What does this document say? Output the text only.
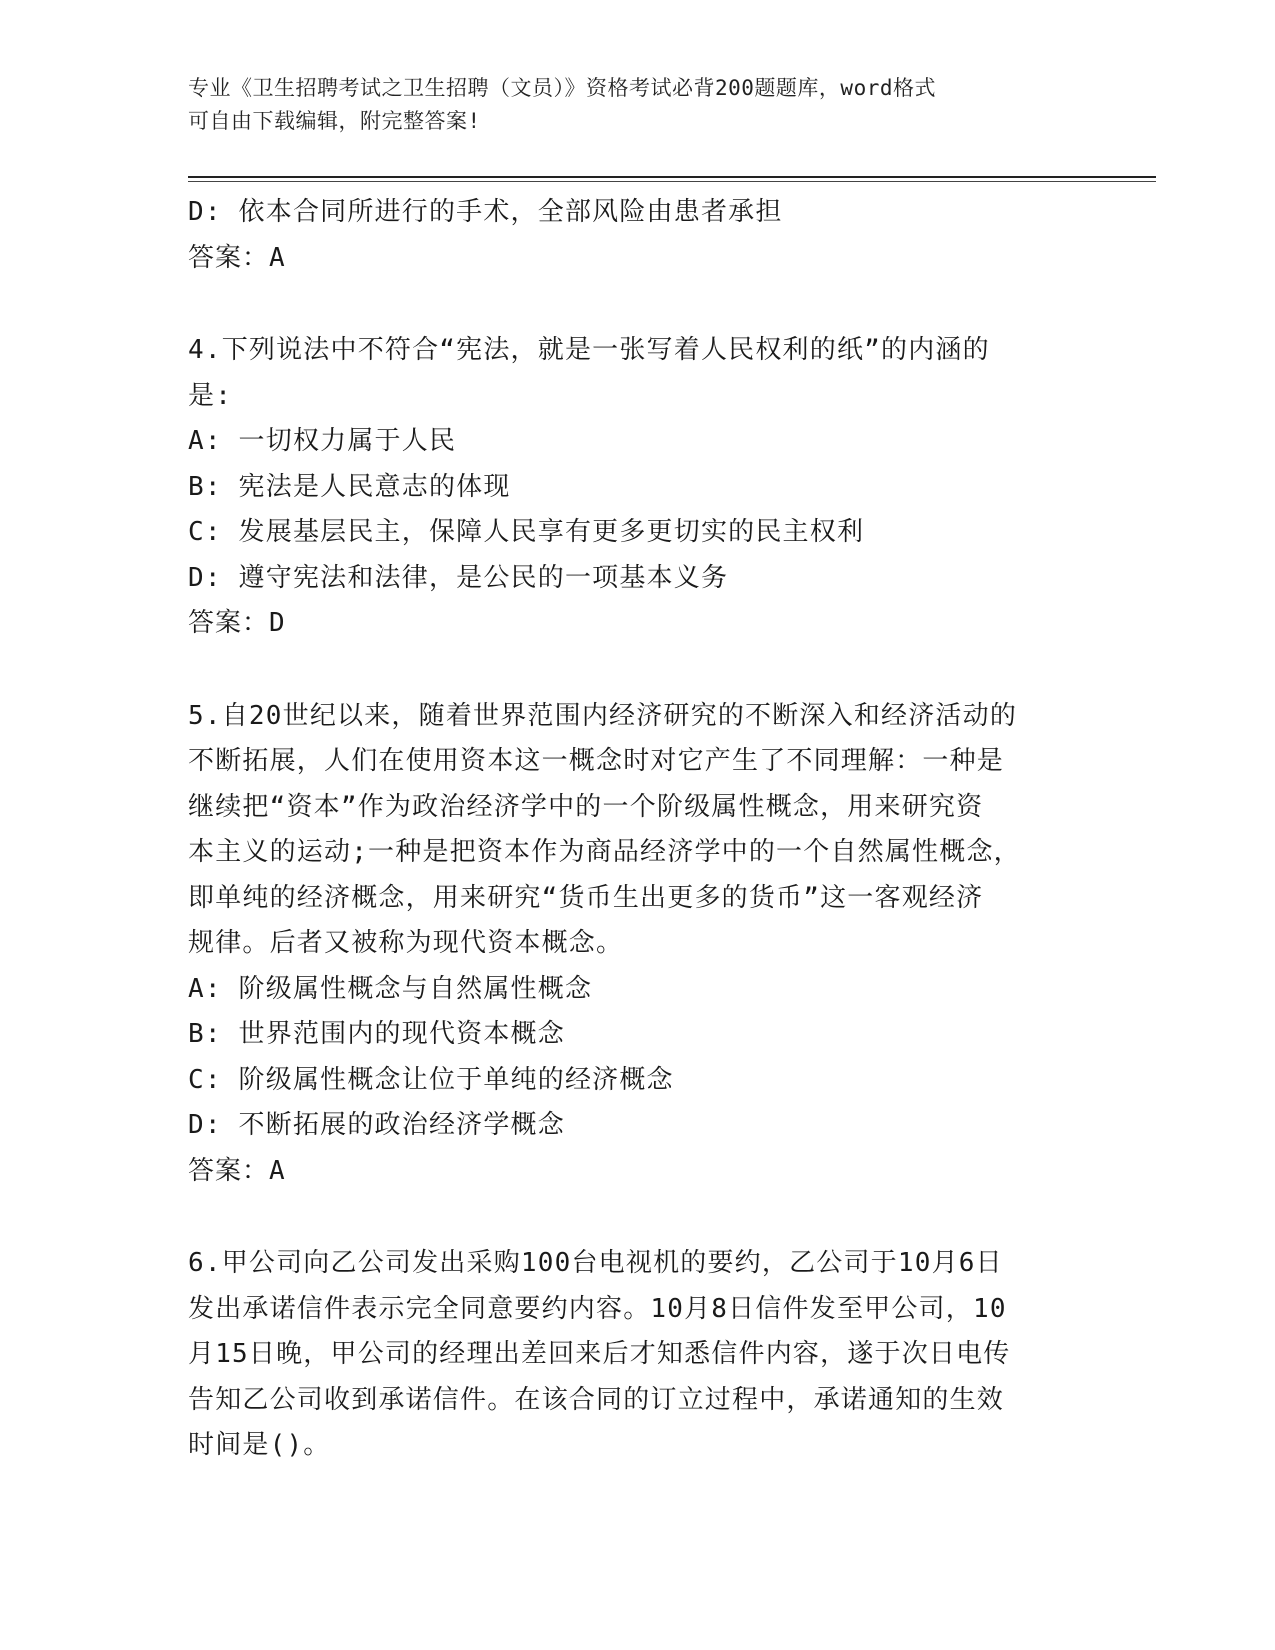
专业《卫生招聘考试之卫生招聘（文员）》资格考试必背200题题库，word格式
可自由下载编辑，附完整答案!

D: 依本合同所进行的手术，全部风险由患者承担

答案：A

4.下列说法中不符合“宪法，就是一张写着人民权利的纸”的内涵的

是:

A: 一切权力属于人民

B: 宪法是人民意志的体现

C: 发展基层民主，保障人民享有更多更切实的民主权利

D: 遵守宪法和法律，是公民的一项基本义务

答案：D

5.自20世纪以来，随着世界范围内经济研究的不断深入和经济活动的

不断拓展，人们在使用资本这一概念时对它产生了不同理解：一种是

继续把“资本”作为政治经济学中的一个阶级属性概念，用来研究资

本主义的运动;一种是把资本作为商品经济学中的一个自然属性概念，

即单纯的经济概念，用来研究“货币生出更多的货币”这一客观经济

规律。后者又被称为现代资本概念。

A: 阶级属性概念与自然属性概念

B: 世界范围内的现代资本概念

C: 阶级属性概念让位于单纯的经济概念

D: 不断拓展的政治经济学概念

答案：A

6.甲公司向乙公司发出采购100台电视机的要约，乙公司于10月6日

发出承诺信件表示完全同意要约内容。10月8日信件发至甲公司，10

月15日晚，甲公司的经理出差回来后才知悉信件内容，遂于次日电传

告知乙公司收到承诺信件。在该合同的订立过程中，承诺通知的生效

时间是()。
